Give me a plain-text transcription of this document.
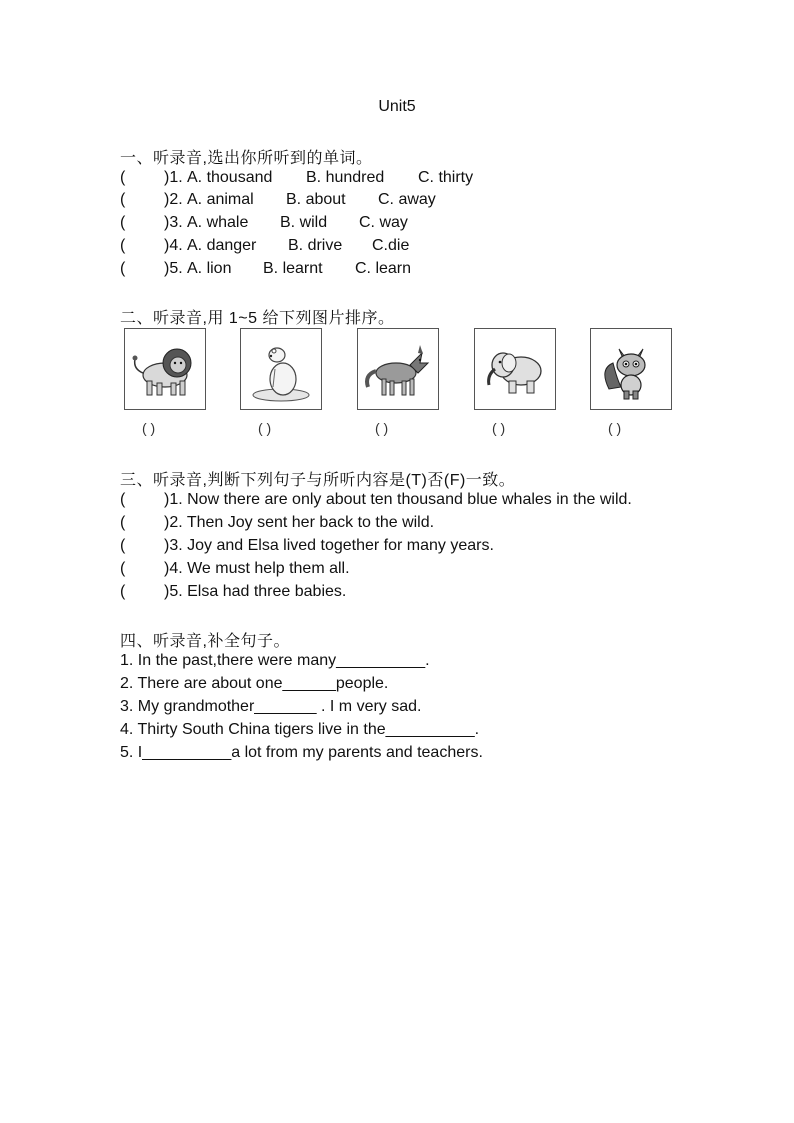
Unit5
一、听录音,选出你所听到的单词。
( )1. A. thousand B. hundred C. thirty
( )2. A. animal B. about C. away
( )3. A. whale B. wild C. way
( )4. A. danger B. drive C.die
( )5. A. lion B. learnt C. learn
二、听录音,用 1~5 给下列图片排序。
( )	( )	( )	( )	( )
三、听录音,判断下列句子与所听内容是(T)否(F)一致。
( )1. Now there are only about ten thousand blue whales in the wild.
( )2. Then Joy sent her back to the wild.
( )3. Joy and Elsa lived together for many years.
( )4. We must help them all.
( )5. Elsa had three babies.
四、听录音,补全句子。
1. In the past,there were many__________.
2. There are about one______people.
3. My grandmother_______ . I m very sad.
4. Thirty South China tigers live in the__________.
5. I__________a lot from my parents and teachers.
